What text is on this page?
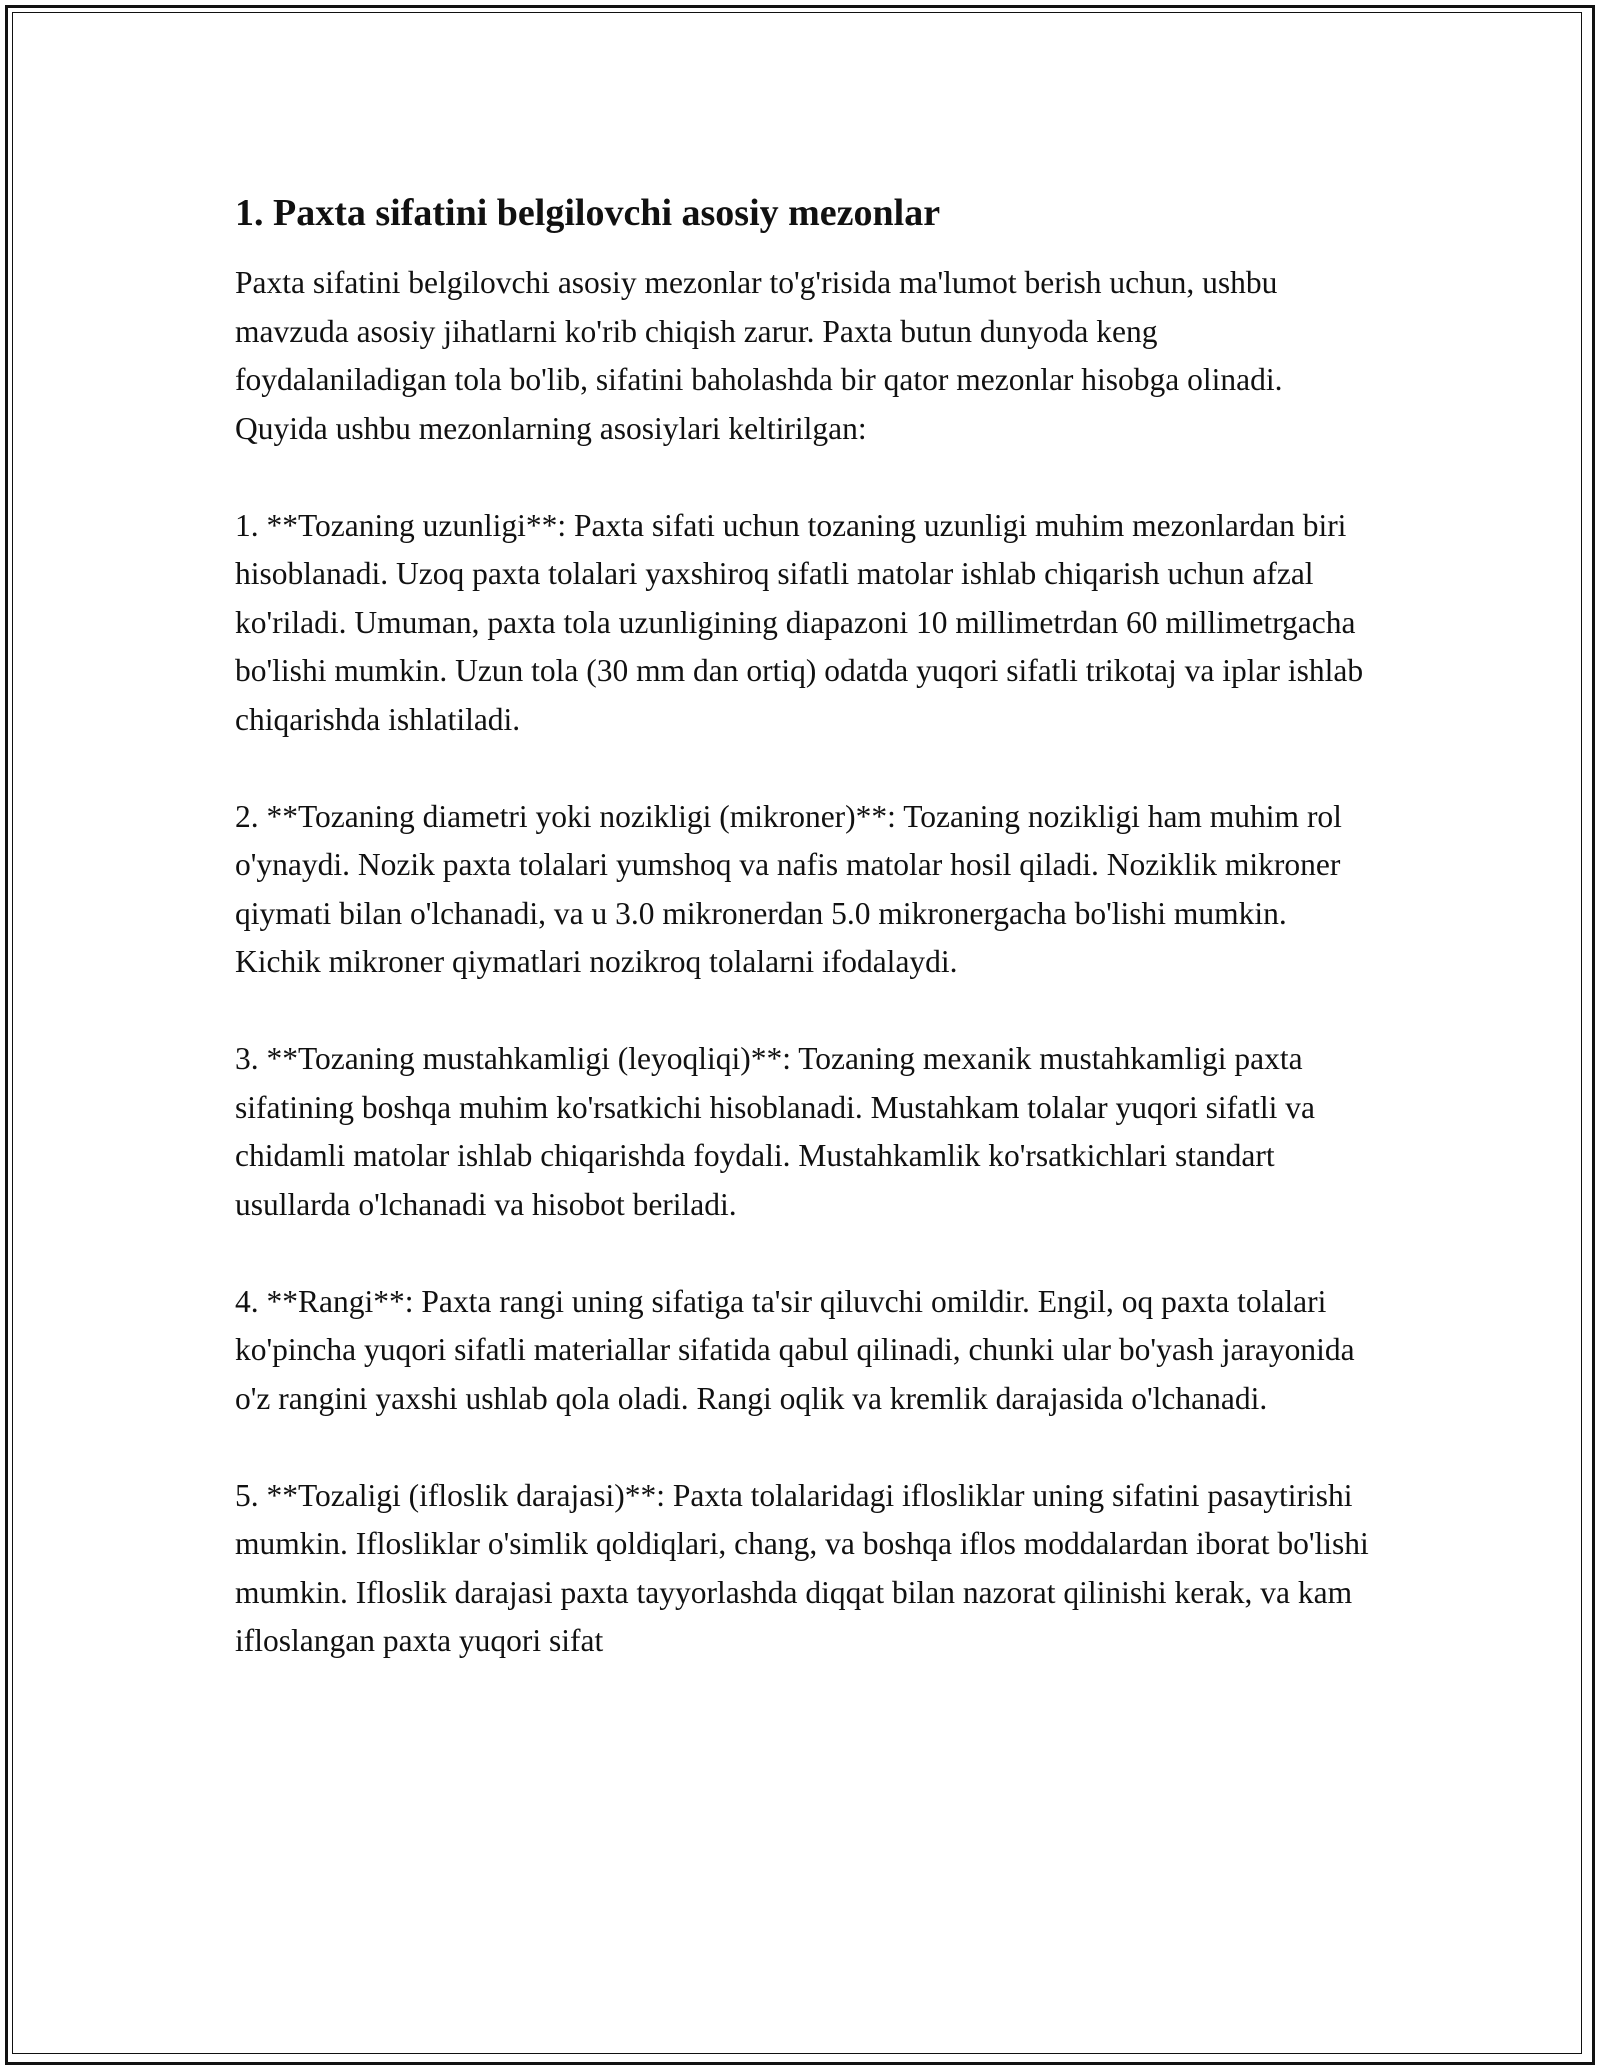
1. Paxta sifatini belgilovchi asosiy mezonlar

Paxta sifatini belgilovchi asosiy mezonlar to'g'risida ma'lumot berish uchun, ushbu mavzuda asosiy jihatlarni ko'rib chiqish zarur. Paxta butun dunyoda keng foydalaniladigan tola bo'lib, sifatini baholashda bir qator mezonlar hisobga olinadi. Quyida ushbu mezonlarning asosiylari keltirilgan:

1. **Tozaning uzunligi**: Paxta sifati uchun tozaning uzunligi muhim mezonlardan biri hisoblanadi. Uzoq paxta tolalari yaxshiroq sifatli matolar ishlab chiqarish uchun afzal ko'riladi. Umuman, paxta tola uzunligining diapazoni 10 millimetrdan 60 millimetrgacha bo'lishi mumkin. Uzun tola (30 mm dan ortiq) odatda yuqori sifatli trikotaj va iplar ishlab chiqarishda ishlatiladi.

2. **Tozaning diametri yoki nozikligi (mikroner)**: Tozaning nozikligi ham muhim rol o'ynaydi. Nozik paxta tolalari yumshoq va nafis matolar hosil qiladi. Noziklik mikroner qiymati bilan o'lchanadi, va u 3.0 mikronerdan 5.0 mikronergacha bo'lishi mumkin. Kichik mikroner qiymatlari nozikroq tolalarni ifodalaydi.

3. **Tozaning mustahkamligi (leyoqliqi)**: Tozaning mexanik mustahkamligi paxta sifatining boshqa muhim ko'rsatkichi hisoblanadi. Mustahkam tolalar yuqori sifatli va chidamli matolar ishlab chiqarishda foydali. Mustahkamlik ko'rsatkichlari standart usullarda o'lchanadi va hisobot beriladi.

4. **Rangi**: Paxta rangi uning sifatiga ta'sir qiluvchi omildir. Engil, oq paxta tolalari ko'pincha yuqori sifatli materiallar sifatida qabul qilinadi, chunki ular bo'yash jarayonida o'z rangini yaxshi ushlab qola oladi. Rangi oqlik va kremlik darajasida o'lchanadi.

5. **Tozaligi (ifloslik darajasi)**: Paxta tolalaridagi iflosliklar uning sifatini pasaytirishi mumkin. Iflosliklar o'simlik qoldiqlari, chang, va boshqa iflos moddalardan iborat bo'lishi mumkin. Ifloslik darajasi paxta tayyorlashda diqqat bilan nazorat qilinishi kerak, va kam ifloslangan paxta yuqori sifat
